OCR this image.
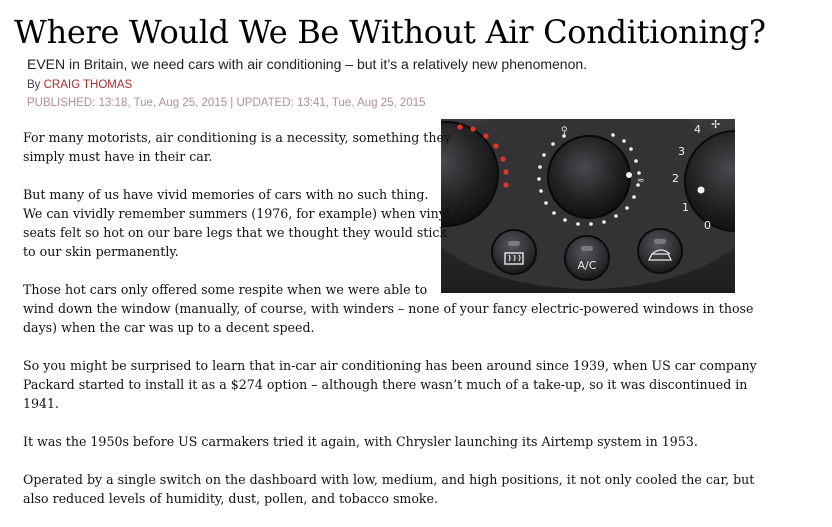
Where Would We Be Without Air Conditioning?
EVEN in Britain, we need cars with air conditioning – but it’s a relatively new phenomenon.
By CRAIG THOMAS
PUBLISHED: 13:18, Tue, Aug 25, 2015 | UPDATED: 13:41, Tue, Aug 25, 2015
⚲
≈
4
3
2
1
0
✢
A/C

For many motorists, air conditioning is a necessity, something they simply must have in their car.

But many of us have vivid memories of cars with no such thing. We can vividly remember summers (1976, for example) when vinyl seats felt so hot on our bare legs that we thought they would stick to our skin permanently.

Those hot cars only offered some respite when we were able to wind down the window (manually, of course, with winders – none of your fancy electric-powered windows in those days) when the car was up to a decent speed.

So you might be surprised to learn that in-car air conditioning has been around since 1939, when US car company Packard started to install it as a $274 option – although there wasn’t much of a take-up, so it was discontinued in 1941.

It was the 1950s before US carmakers tried it again, with Chrysler launching its Airtemp system in 1953.

Operated by a single switch on the dashboard with low, medium, and high positions, it not only cooled the car, but also reduced levels of humidity, dust, pollen, and tobacco smoke.
